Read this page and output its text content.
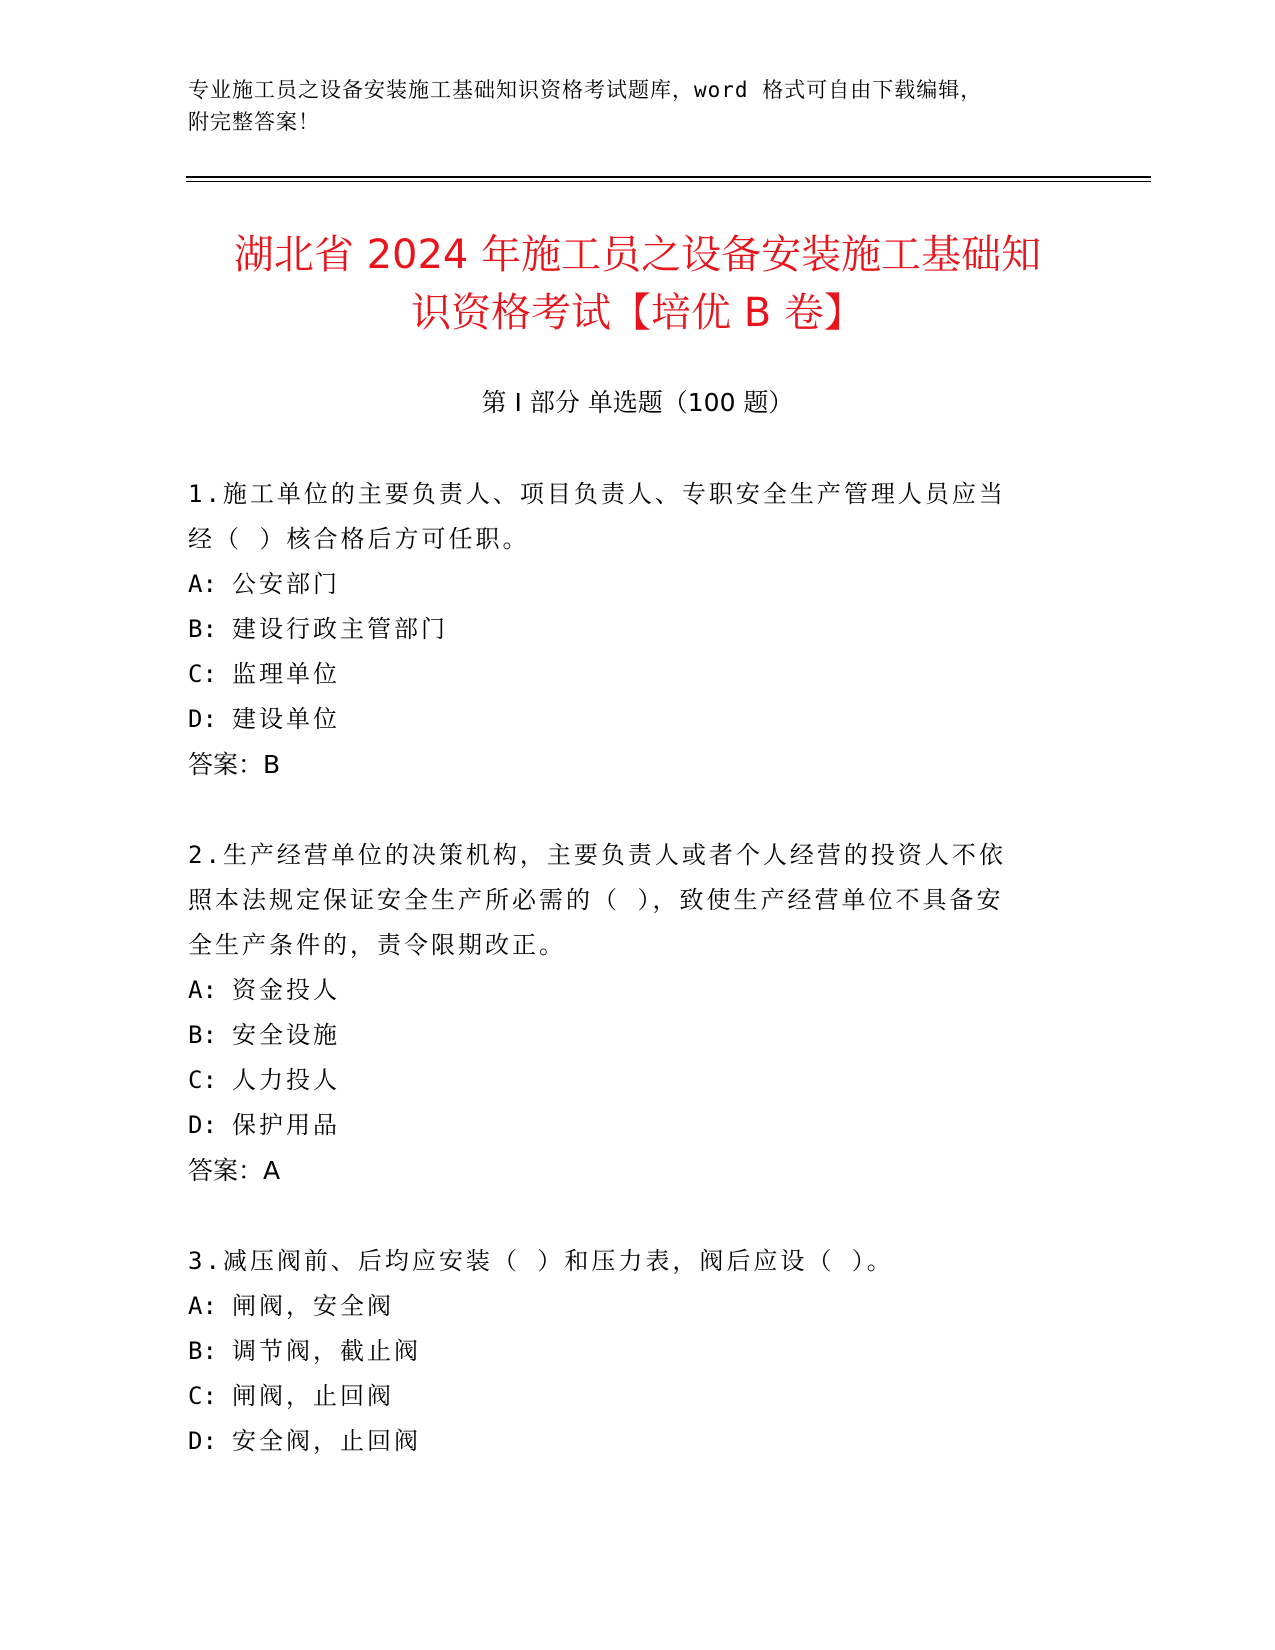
专业施工员之设备安装施工基础知识资格考试题库，word 格式可自由下载编辑，
附完整答案！
湖北省 2024 年施工员之设备安装施工基础知
识资格考试【培优 B 卷】
第 I 部分 单选题（100 题）

1.施工单位的主要负责人、项目负责人、专职安全生产管理人员应当

经（ ）核合格后方可任职。

A: 公安部门

B: 建设行政主管部门

C: 监理单位

D: 建设单位

答案：B

2.生产经营单位的决策机构，主要负责人或者个人经营的投资人不依

照本法规定保证安全生产所必需的（ ），致使生产经营单位不具备安

全生产条件的，责令限期改正。

A: 资金投人

B: 安全设施

C: 人力投人

D: 保护用品

答案：A

3.减压阀前、后均应安装（ ）和压力表，阀后应设（ ）。

A: 闸阀，安全阀

B: 调节阀，截止阀

C: 闸阀，止回阀

D: 安全阀，止回阀
